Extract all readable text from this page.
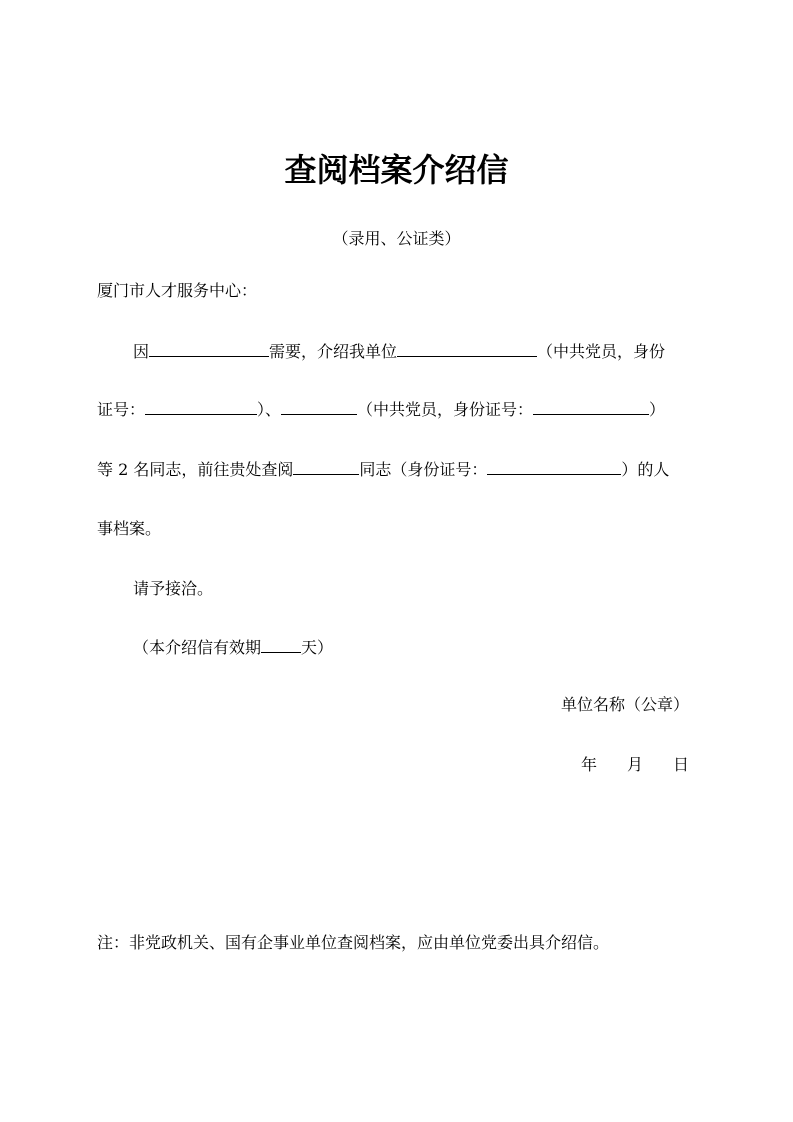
查阅档案介绍信
（录用、公证类）
厦门市人才服务中心：
因	需要，介绍我单位	（中共党员，身份
证号：	）、	（中共党员，身份证号：	）
等 2 名同志，前往贵处查阅	同志（身份证号：	）的人
事档案。
请予接洽。
（本介绍信有效期	天）
单位名称（公章）
年 月 日
注：非党政机关、国有企事业单位查阅档案，应由单位党委出具介绍信。
